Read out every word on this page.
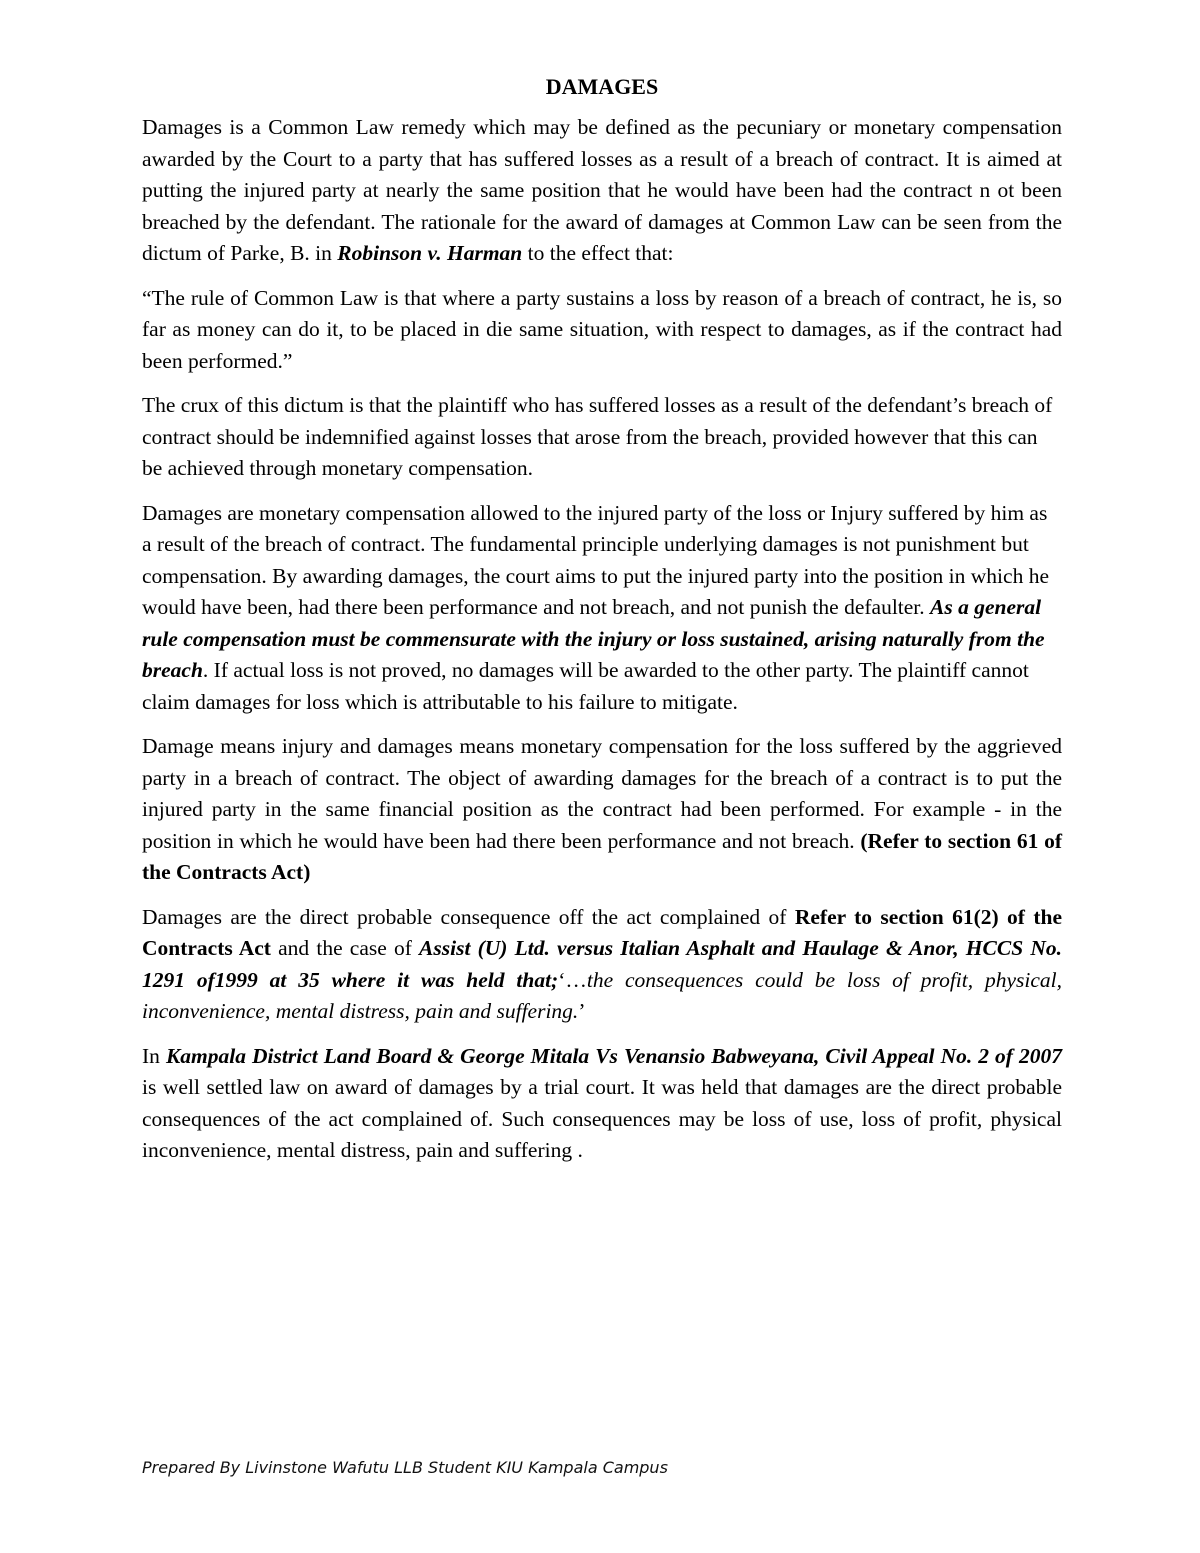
DAMAGES

Damages is a Common Law remedy which may be defined as the pecuniary or monetary compensation awarded by the Court to a party that has suffered losses as a result of a breach of contract. It is aimed at putting the injured party at nearly the same position that he would have been had the contract n ot been breached by the defendant. The rationale for the award of damages at Common Law can be seen from the dictum of Parke, B. in Robinson v. Harman to the effect that:

“The rule of Common Law is that where a party sustains a loss by reason of a breach of contract, he is, so far as money can do it, to be placed in die same situation, with respect to damages, as if the contract had been performed.”

The crux of this dictum is that the plaintiff who has suffered losses as a result of the defendant’s breach of contract should be indemnified against losses that arose from the breach, provided however that this can be achieved through monetary compensation.

Damages are monetary compensation allowed to the injured party of the loss or Injury suffered by him as a result of the breach of contract. The fundamental principle underlying damages is not punishment but compensation. By awarding damages, the court aims to put the injured party into the position in which he would have been, had there been performance and not breach, and not punish the defaulter. As a general rule compensation must be commensurate with the injury or loss sustained, arising naturally from the breach. If actual loss is not proved, no damages will be awarded to the other party. The plaintiff cannot claim damages for loss which is attributable to his failure to mitigate.

Damage means injury and damages means monetary compensation for the loss suffered by the aggrieved party in a breach of contract. The object of awarding damages for the breach of a contract is to put the injured party in the same financial position as the contract had been performed. For example - in the position in which he would have been had there been performance and not breach. (Refer to section 61 of the Contracts Act)

Damages are the direct probable consequence off the act complained of Refer to section 61(2) of the Contracts Act and the case of Assist (U) Ltd. versus Italian Asphalt and Haulage & Anor, HCCS No. 1291 of1999 at 35 where it was held that;‘…the consequences could be loss of profit, physical, inconvenience, mental distress, pain and suffering.’

In Kampala District Land Board & George Mitala Vs Venansio Babweyana, Civil Appeal No. 2 of 2007 is well settled law on award of damages by a trial court. It was held that damages are the direct probable consequences of the act complained of. Such consequences may be loss of use, loss of profit, physical inconvenience, mental distress, pain and suffering .

Prepared By Livinstone Wafutu LLB Student KIU Kampala Campus
